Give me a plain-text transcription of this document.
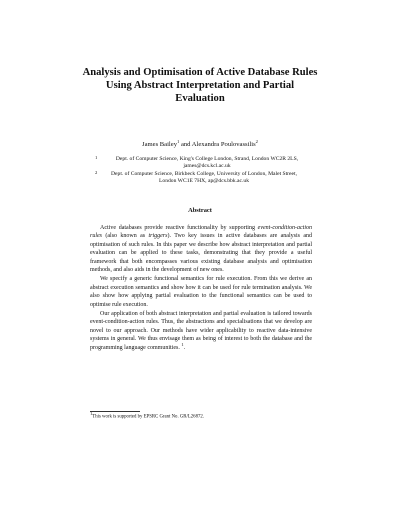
Analysis and Optimisation of Active Database Rules
Using Abstract Interpretation and Partial
Evaluation
James Bailey$^1$ and Alexandra Poulovassilis$^2$
1	Dept. of Computer Science, King's College London, Strand, London WC2R 2LS,
james@dcs.kcl.ac.uk
2	Dept. of Computer Science, Birkbeck College, University of London, Malet Street,
London WC1E 7HX, ap@dcs.bbk.ac.uk
Abstract

Active databases provide reactive functionality by supporting event-condition-action rules (also known as triggers). Two key issues in active databases are analysis and optimisation of such rules. In this paper we describe how abstract interpretation and partial evaluation can be applied to these tasks, demonstrating that they provide a useful framework that both encompasses various existing database analysis and optimisation methods, and also aids in the development of new ones.

We specify a generic functional semantics for rule execution. From this we derive an abstract execution semantics and show how it can be used for rule termination analysis. We also show how applying partial evaluation to the functional semantics can be used to optimise rule execution.

Our application of both abstract interpretation and partial evaluation is tailored towards event-condition-action rules. Thus, the abstractions and specialisations that we develop are novel to our approach. Our methods have wider applicability to reactive data-intensive systems in general. We thus envisage them as being of interest to both the database and the programming language communities. $^1$.

$^1$This work is supported by EPSRC Grant No. GR/L26872.
